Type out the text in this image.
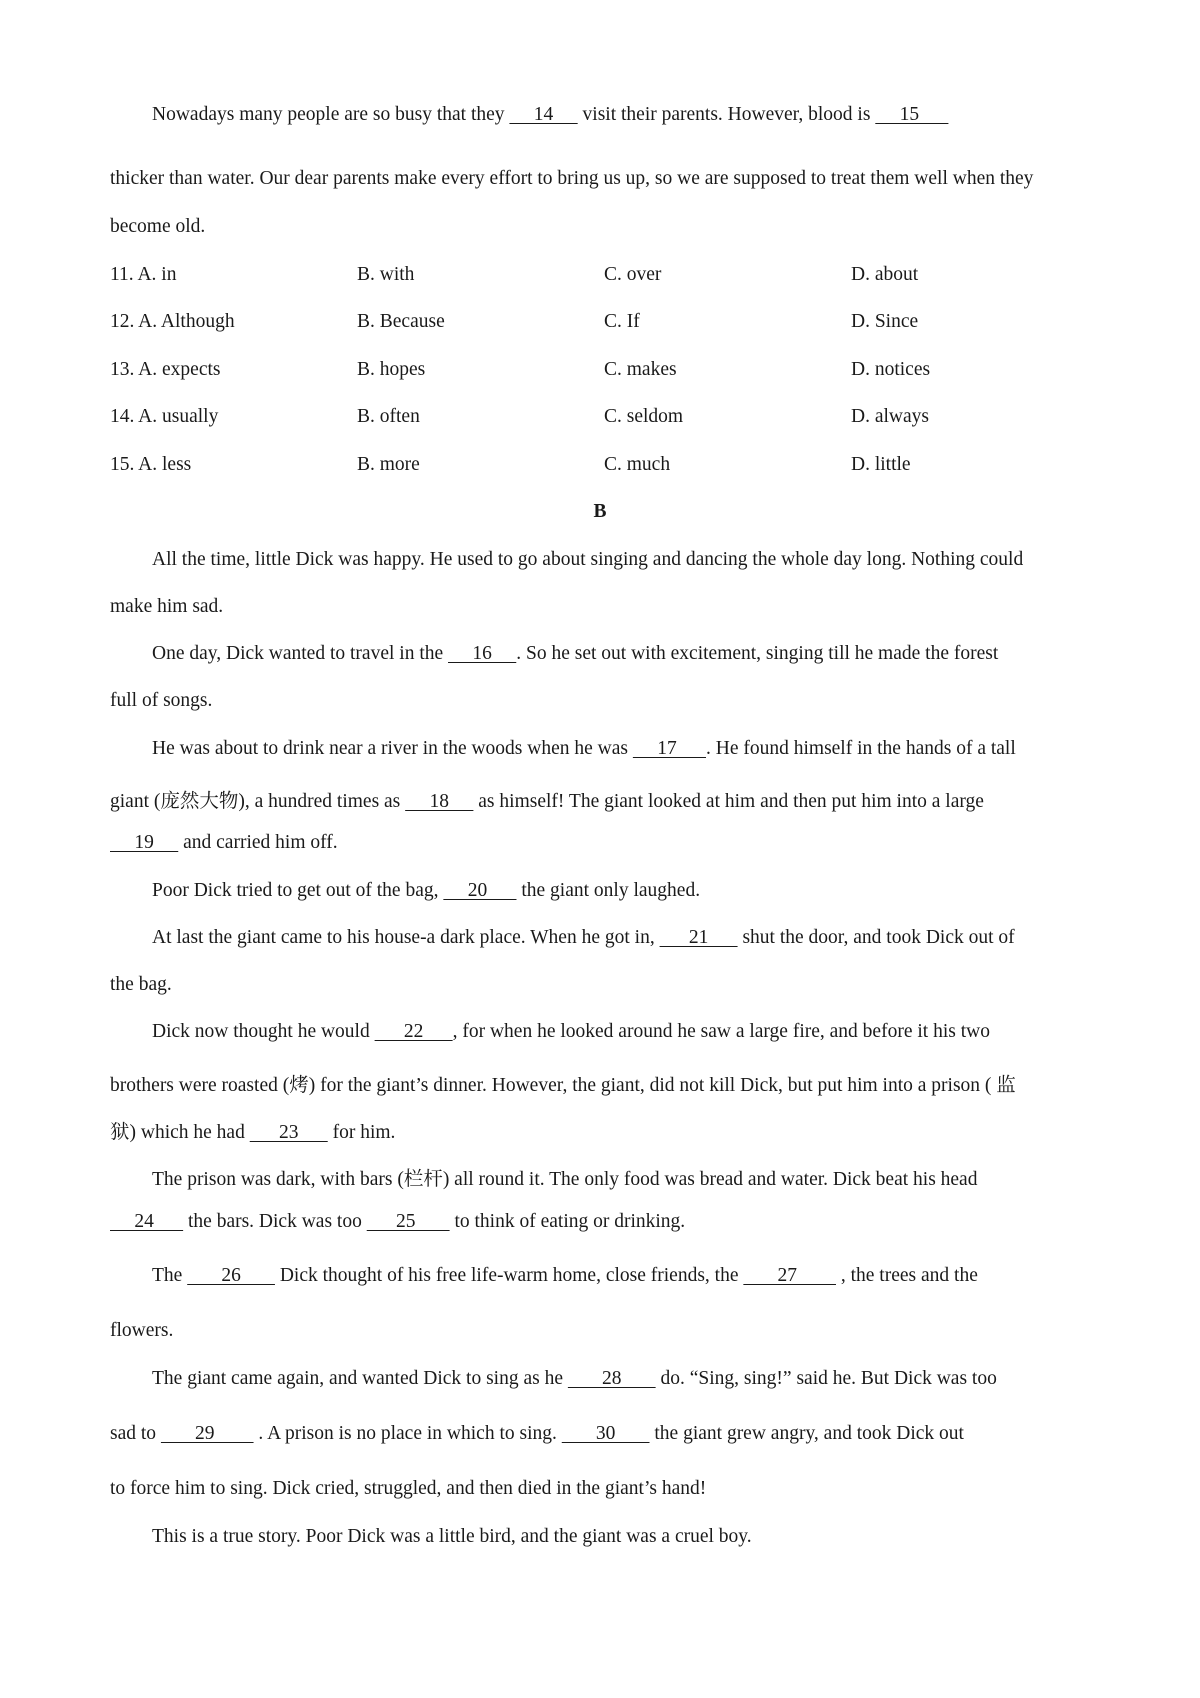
Nowadays many people are so busy that they      14      visit their parents. However, blood is      15
thicker than water. Our dear parents make every effort to bring us up, so we are supposed to treat them well when they
become old.
11. A. in	B. with	C. over	D. about
12. A. Although	B. Because	C. If	D. Since
13. A. expects	B. hopes	C. makes	D. notices
14. A. usually	B. often	C. seldom	D. always
15. A. less	B. more	C. much	D. little
B
All the time, little Dick was happy. He used to go about singing and dancing the whole day long. Nothing could
make him sad.
One day, Dick wanted to travel in the      16     . So he set out with excitement, singing till he made the forest
full of songs.
He was about to drink near a river in the woods when he was      17      . He found himself in the hands of a tall
giant (庞然大物), a hundred times as      18      as himself! The giant looked at him and then put him into a large
19      and carried him off.
Poor Dick tried to get out of the bag,      20       the giant only laughed.
At last the giant came to his house-a dark place. When he got in,       21       shut the door, and took Dick out of
the bag.
Dick now thought he would       22      , for when he looked around he saw a large fire, and before it his two
brothers were roasted (烤) for the giant’s dinner. However, the giant, did not kill Dick, but put him into a prison ( 监
狱) which he had       23       for him.
The prison was dark, with bars (栏杆) all round it. The only food was bread and water. Dick beat his head
24       the bars. Dick was too       25        to think of eating or drinking.
The        26        Dick thought of his free life-warm home, close friends, the        27         , the trees and the
flowers.
The giant came again, and wanted Dick to sing as he        28        do. “Sing, sing!” said he. But Dick was too
sad to        29         . A prison is no place in which to sing.        30        the giant grew angry, and took Dick out
to force him to sing. Dick cried, struggled, and then died in the giant’s hand!
This is a true story. Poor Dick was a little bird, and the giant was a cruel boy.
